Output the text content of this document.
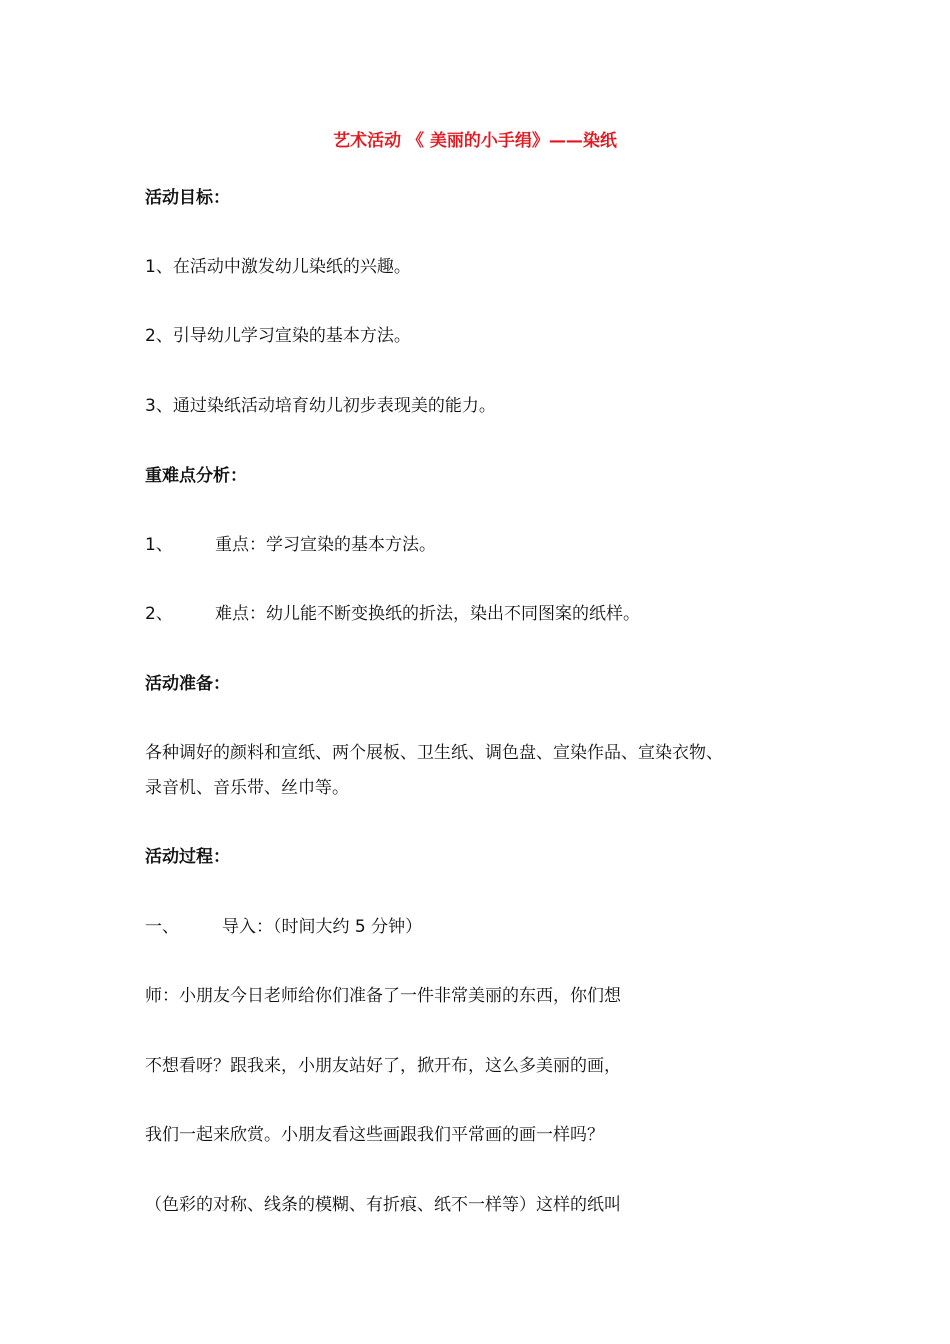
艺术活动 《 美丽的小手绢》——染纸
活动目标：
1、在活动中激发幼儿染纸的兴趣。
2、引导幼儿学习宣染的基本方法。
3、通过染纸活动培育幼儿初步表现美的能力。
重难点分析：
1、 重点：学习宣染的基本方法。
2、 难点：幼儿能不断变换纸的折法，染出不同图案的纸样。
活动准备：
各种调好的颜料和宣纸、两个展板、卫生纸、调色盘、宣染作品、宣染衣物、
录音机、音乐带、丝巾等。
活动过程：
一、	导入：（时间大约 5 分钟）
师：小朋友今日老师给你们准备了一件非常美丽的东西，你们想
不想看呀？跟我来，小朋友站好了，掀开布，这么多美丽的画，
我们一起来欣赏。小朋友看这些画跟我们平常画的画一样吗？
（色彩的对称、线条的模糊、有折痕、纸不一样等）这样的纸叫
